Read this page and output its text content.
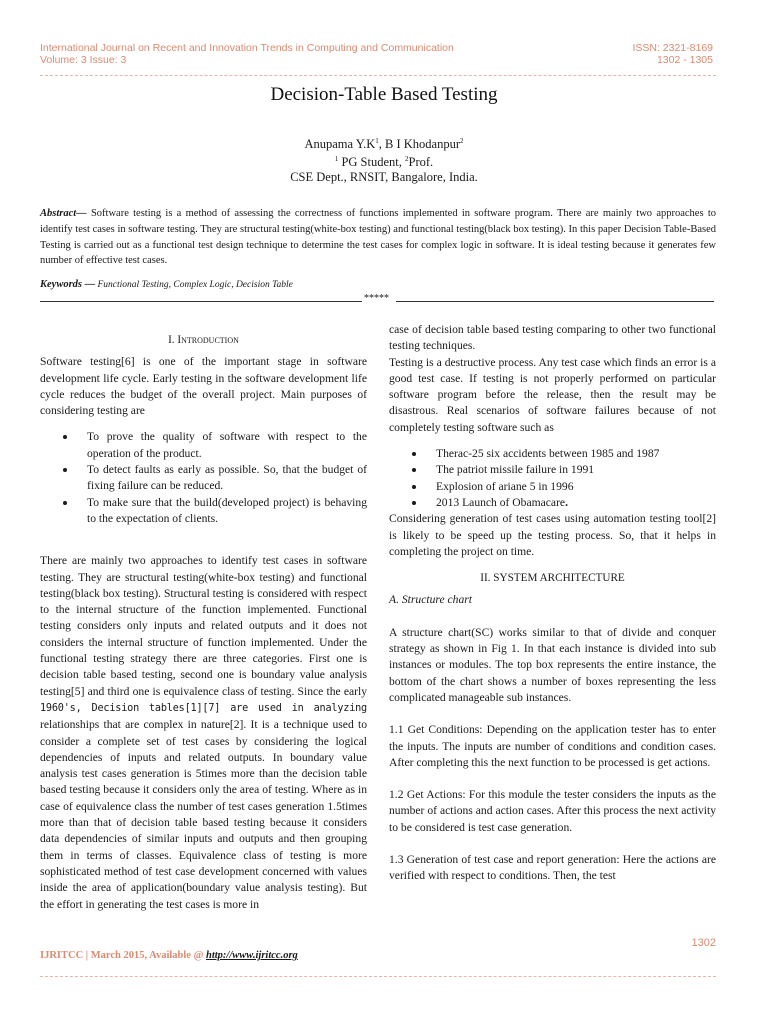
International Journal on Recent and Innovation Trends in Computing and Communication
Volume: 3 Issue: 3
ISSN: 2321-8169
1302 - 1305
Decision-Table Based Testing
Anupama $Y.K^1$, B I Khodanpur$^2$
$^1$ PG Student, $^2$Prof.
CSE Dept., RNSIT, Bangalore, India.
Abstract— Software testing is a method of assessing the correctness of functions implemented in software program. There are mainly two approaches to identify test cases in software testing. They are structural testing(white-box testing) and functional testing(black box testing). In this paper Decision Table-Based Testing is carried out as a functional test design technique to determine the test cases for complex logic in software. It is ideal testing because it generates few number of effective test cases.
Keywords — Functional Testing, Complex Logic, Decision Table
*****

I. Introduction

Software testing[6] is one of the important stage in software development life cycle. Early testing in the software development life cycle reduces the budget of the overall project. Main purposes of considering testing are

To prove the quality of software with respect to the operation of the product.
To detect faults as early as possible. So, that the budget of fixing failure can be reduced.
To make sure that the build(developed project) is behaving to the expectation of clients.

There are mainly two approaches to identify test cases in software testing. They are structural testing(white-box testing) and functional testing(black box testing). Structural testing is considered with respect to the internal structure of the function implemented. Functional testing considers only inputs and related outputs and it does not considers the internal structure of function implemented. Under the functional testing strategy there are three categories. First one is decision table based testing, second one is boundary value analysis testing[5] and third one is equivalence class of testing. Since the early 1960's, Decision tables[1][7] are used in analyzing relationships that are complex in nature[2]. It is a technique used to consider a complete set of test cases by considering the logical dependencies of inputs and related outputs. In boundary value analysis test cases generation is 5times more than the decision table based testing because it considers only the area of testing. Where as in case of equivalence class the number of test cases generation 1.5times more than that of decision table based testing because it considers data dependencies of similar inputs and outputs and then grouping them in terms of classes. Equivalence class of testing is more sophisticated method of test case development concerned with values inside the area of application(boundary value analysis testing). But the effort in generating the test cases is more in

case of decision table based testing comparing to other two functional testing techniques.

Testing is a destructive process. Any test case which finds an error is a good test case. If testing is not properly performed on particular software program before the release, then the result may be disastrous. Real scenarios of software failures because of not completely testing software such as

Therac-25 six accidents between 1985 and 1987
The patriot missile failure in 1991
Explosion of ariane 5 in 1996
2013 Launch of Obamacare.

Considering generation of test cases using automation testing tool[2] is likely to be speed up the testing process. So, that it helps in completing the project on time.

II. SYSTEM ARCHITECTURE

A. Structure chart

A structure chart(SC) works similar to that of divide and conquer strategy as shown in Fig 1. In that each instance is divided into sub instances or modules. The top box represents the entire instance, the bottom of the chart shows a number of boxes representing the less complicated manageable sub instances.

1.1 Get Conditions: Depending on the application tester has to enter the inputs. The inputs are number of conditions and condition cases. After completing this the next function to be processed is get actions.

1.2 Get Actions: For this module the tester considers the inputs as the number of actions and action cases. After this process the next activity to be considered is test case generation.

1.3 Generation of test case and report generation: Here the actions are verified with respect to conditions. Then, the test

1302
IJRITCC | March 2015, Available @ http://www.ijritcc.org
